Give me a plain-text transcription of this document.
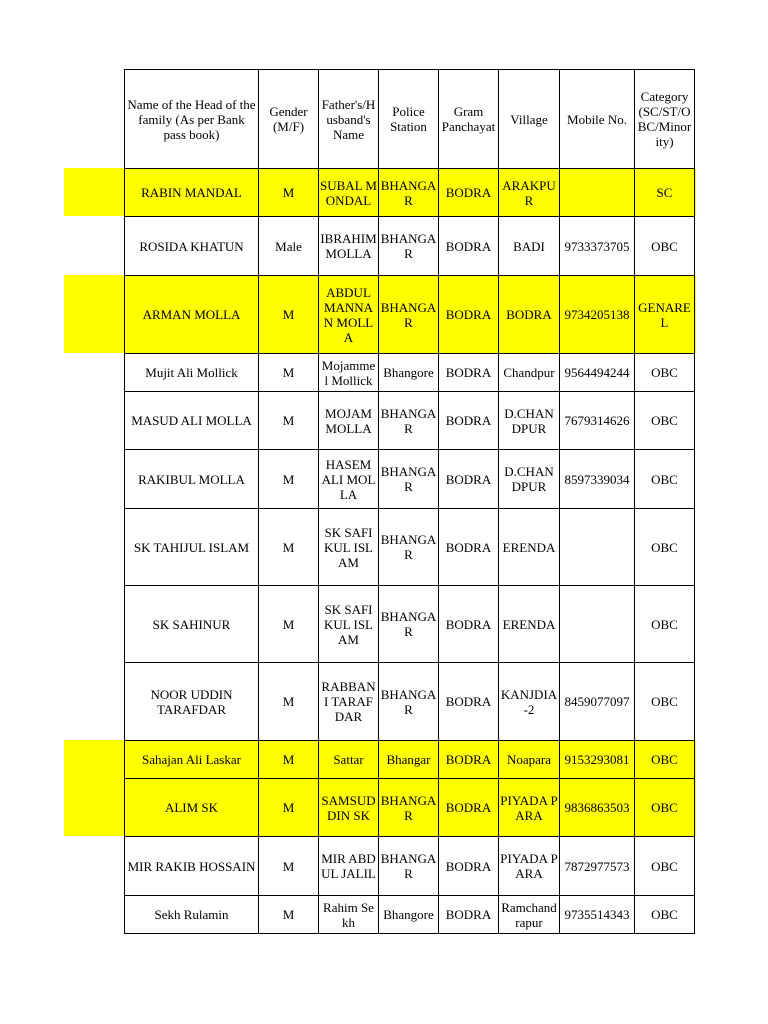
Name of the Head of the family (As per Bank pass book)	Gender (M/F)	Father's/Husband's Name	Police Station	Gram Panchayat	Village	Mobile No.	Category (SC/ST/OBC/Minority)
RABIN MANDAL	M	SUBAL MONDAL	BHANGAR	BODRA	ARAKPUR		SC
ROSIDA KHATUN	Male	IBRAHIM MOLLA	BHANGAR	BODRA	BADI	9733373705	OBC
ARMAN MOLLA	M	ABDUL MANNAN MOLLA	BHANGAR	BODRA	BODRA	9734205138	GENAREL
Mujit Ali Mollick	M	Mojammel Mollick	Bhangore	BODRA	Chandpur	9564494244	OBC
MASUD ALI MOLLA	M	MOJAM MOLLA	BHANGAR	BODRA	D.CHANDPUR	7679314626	OBC
RAKIBUL MOLLA	M	HASEM ALI MOLLA	BHANGAR	BODRA	D.CHANDPUR	8597339034	OBC
SK TAHIJUL ISLAM	M	SK SAFIKUL ISLAM	BHANGAR	BODRA	ERENDA		OBC
SK SAHINUR	M	SK SAFIKUL ISLAM	BHANGAR	BODRA	ERENDA		OBC
NOOR UDDIN TARAFDAR	M	RABBANI TARAFDAR	BHANGAR	BODRA	KANJDIA-2	8459077097	OBC
Sahajan Ali Laskar	M	Sattar	Bhangar	BODRA	Noapara	9153293081	OBC
ALIM SK	M	SAMSUDDIN SK	BHANGAR	BODRA	PIYADA PARA	9836863503	OBC
MIR RAKIB HOSSAIN	M	MIR ABDUL JALIL	BHANGAR	BODRA	PIYADA PARA	7872977573	OBC
Sekh Rulamin	M	Rahim Sekh	Bhangore	BODRA	Ramchandrapur	9735514343	OBC
